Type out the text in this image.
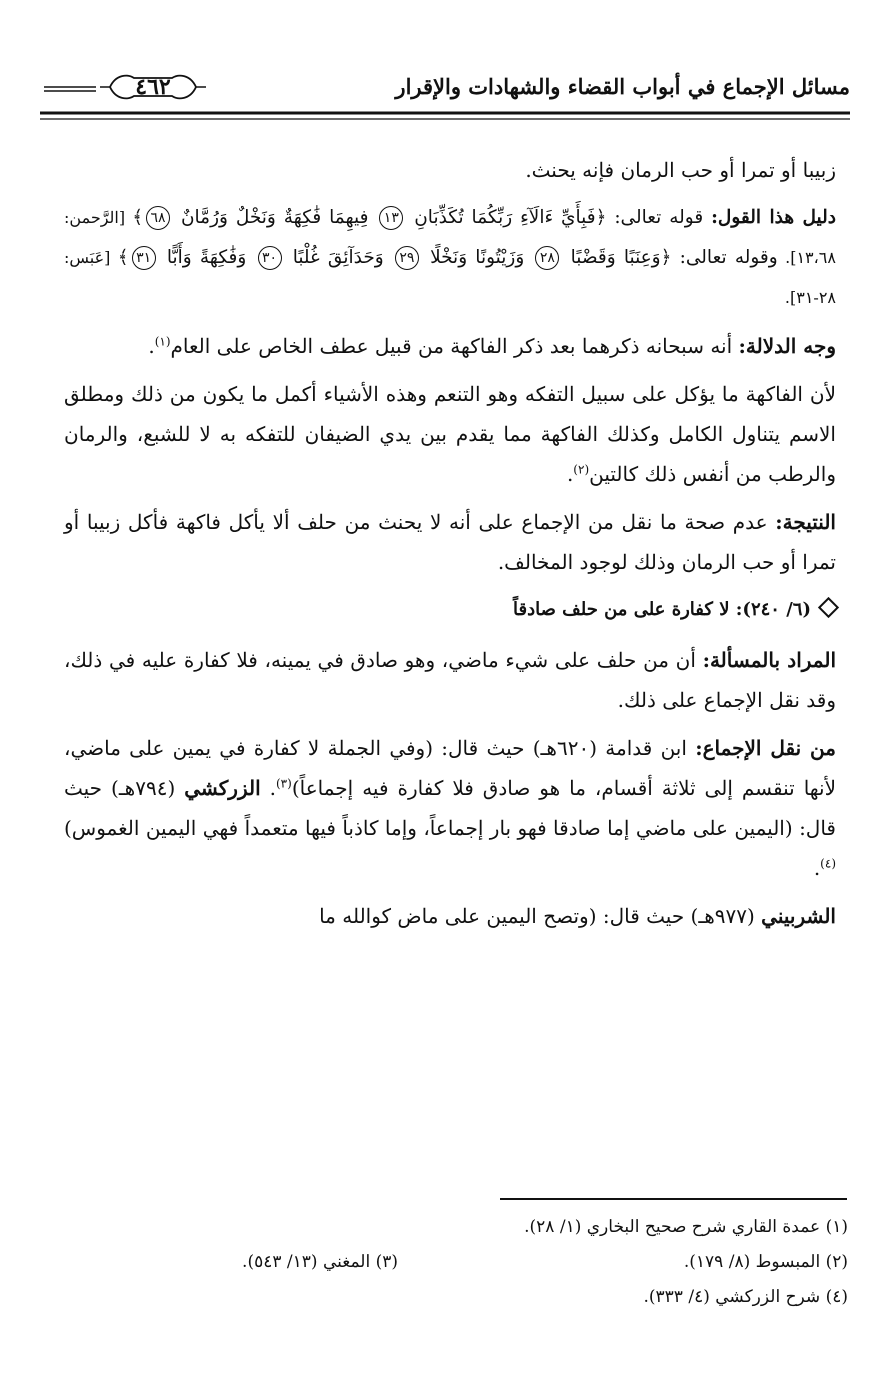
مسائل الإجماع في أبواب القضاء والشهادات والإقرار
٤٦٢

زبيبا أو تمرا أو حب الرمان فإنه يحنث.

دليل هذا القول: قوله تعالى: ﴿فَبِأَيِّ ءَالَآءِ رَبِّكُمَا تُكَذِّبَانِ ١٣ فِيهِمَا فَٰكِهَةٌ وَنَخْلٌ وَرُمَّانٌ ٦٨﴾ [الرَّحمن: ١٣،٦٨]. وقوله تعالى: ﴿وَعِنَبًا وَقَضْبًا ٢٨ وَزَيْتُونًا وَنَخْلًا ٢٩ وَحَدَآئِقَ غُلْبًا ٣٠ وَفَٰكِهَةً وَأَبًّا ٣١﴾ [عَبَس: ٢٨-٣١].

وجه الدلالة: أنه سبحانه ذكرهما بعد ذكر الفاكهة من قبيل عطف الخاص على العام$^{(١)}$.

لأن الفاكهة ما يؤكل على سبيل التفكه وهو التنعم وهذه الأشياء أكمل ما يكون من ذلك ومطلق الاسم يتناول الكامل وكذلك الفاكهة مما يقدم بين يدي الضيفان للتفكه به لا للشبع، والرمان والرطب من أنفس ذلك كالتين$^{(٢)}$.

النتيجة: عدم صحة ما نقل من الإجماع على أنه لا يحنث من حلف ألا يأكل فاكهة فأكل زبيبا أو تمرا أو حب الرمان وذلك لوجود المخالف.

(٦/ ٢٤٠): لا كفارة على من حلف صادقاً

المراد بالمسألة: أن من حلف على شيء ماضي، وهو صادق في يمينه، فلا كفارة عليه في ذلك، وقد نقل الإجماع على ذلك.

من نقل الإجماع: ابن قدامة (٦٢٠هـ) حيث قال: (وفي الجملة لا كفارة في يمين على ماضي، لأنها تنقسم إلى ثلاثة أقسام، ما هو صادق فلا كفارة فيه إجماعاً)$^{(٣)}$. الزركشي (٧٩٤هـ) حيث قال: (اليمين على ماضي إما صادقا فهو بار إجماعاً، وإما كاذباً فيها متعمداً فهي اليمين الغموس)$^{(٤)}$.

الشربيني (٩٧٧هـ) حيث قال: (وتصح اليمين على ماض كوالله ما

(١) عمدة القاري شرح صحيح البخاري (١/ ٢٨).
(٢) المبسوط (٨/ ١٧٩).
(٣) المغني (١٣/ ٥٤٣).
(٤) شرح الزركشي (٤/ ٣٣٣).
